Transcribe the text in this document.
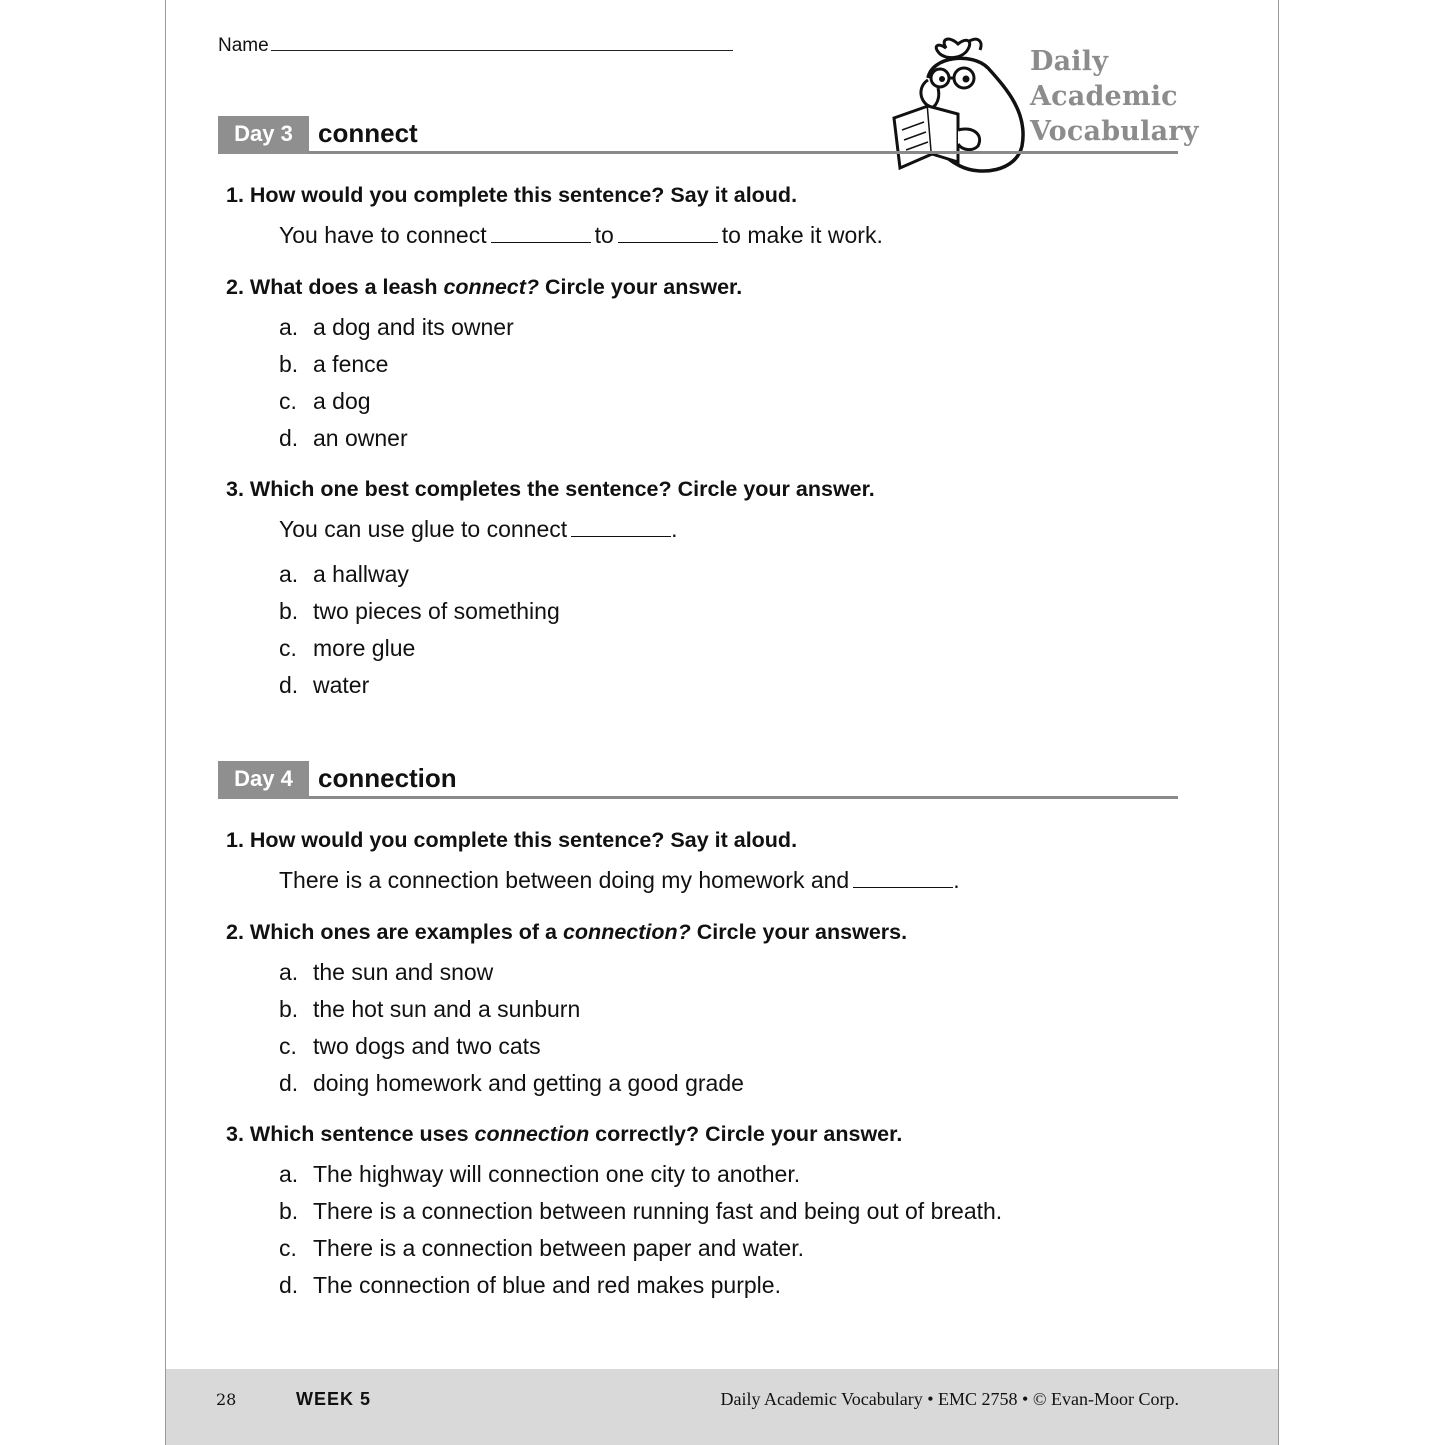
Name
Daily
Academic
Vocabulary
Day 3 connect
1. How would you complete this sentence? Say it aloud.
You have to connect	to	to make it work.
2. What does a leash connect? Circle your answer.
a. a dog and its owner
b. a fence
c. a dog
d. an owner
3. Which one best completes the sentence? Circle your answer.
You can use glue to connect	.
a. a hallway
b. two pieces of something
c. more glue
d. water
Day 4 connection
1. How would you complete this sentence? Say it aloud.
There is a connection between doing my homework and	.
2. Which ones are examples of a connection? Circle your answers.
a. the sun and snow
b. the hot sun and a sunburn
c. two dogs and two cats
d. doing homework and getting a good grade
3. Which sentence uses connection correctly? Circle your answer.
a. The highway will connection one city to another.
b. There is a connection between running fast and being out of breath.
c. There is a connection between paper and water.
d. The connection of blue and red makes purple.
28	WEEK 5	Daily Academic Vocabulary • EMC 2758 • © Evan-Moor Corp.
